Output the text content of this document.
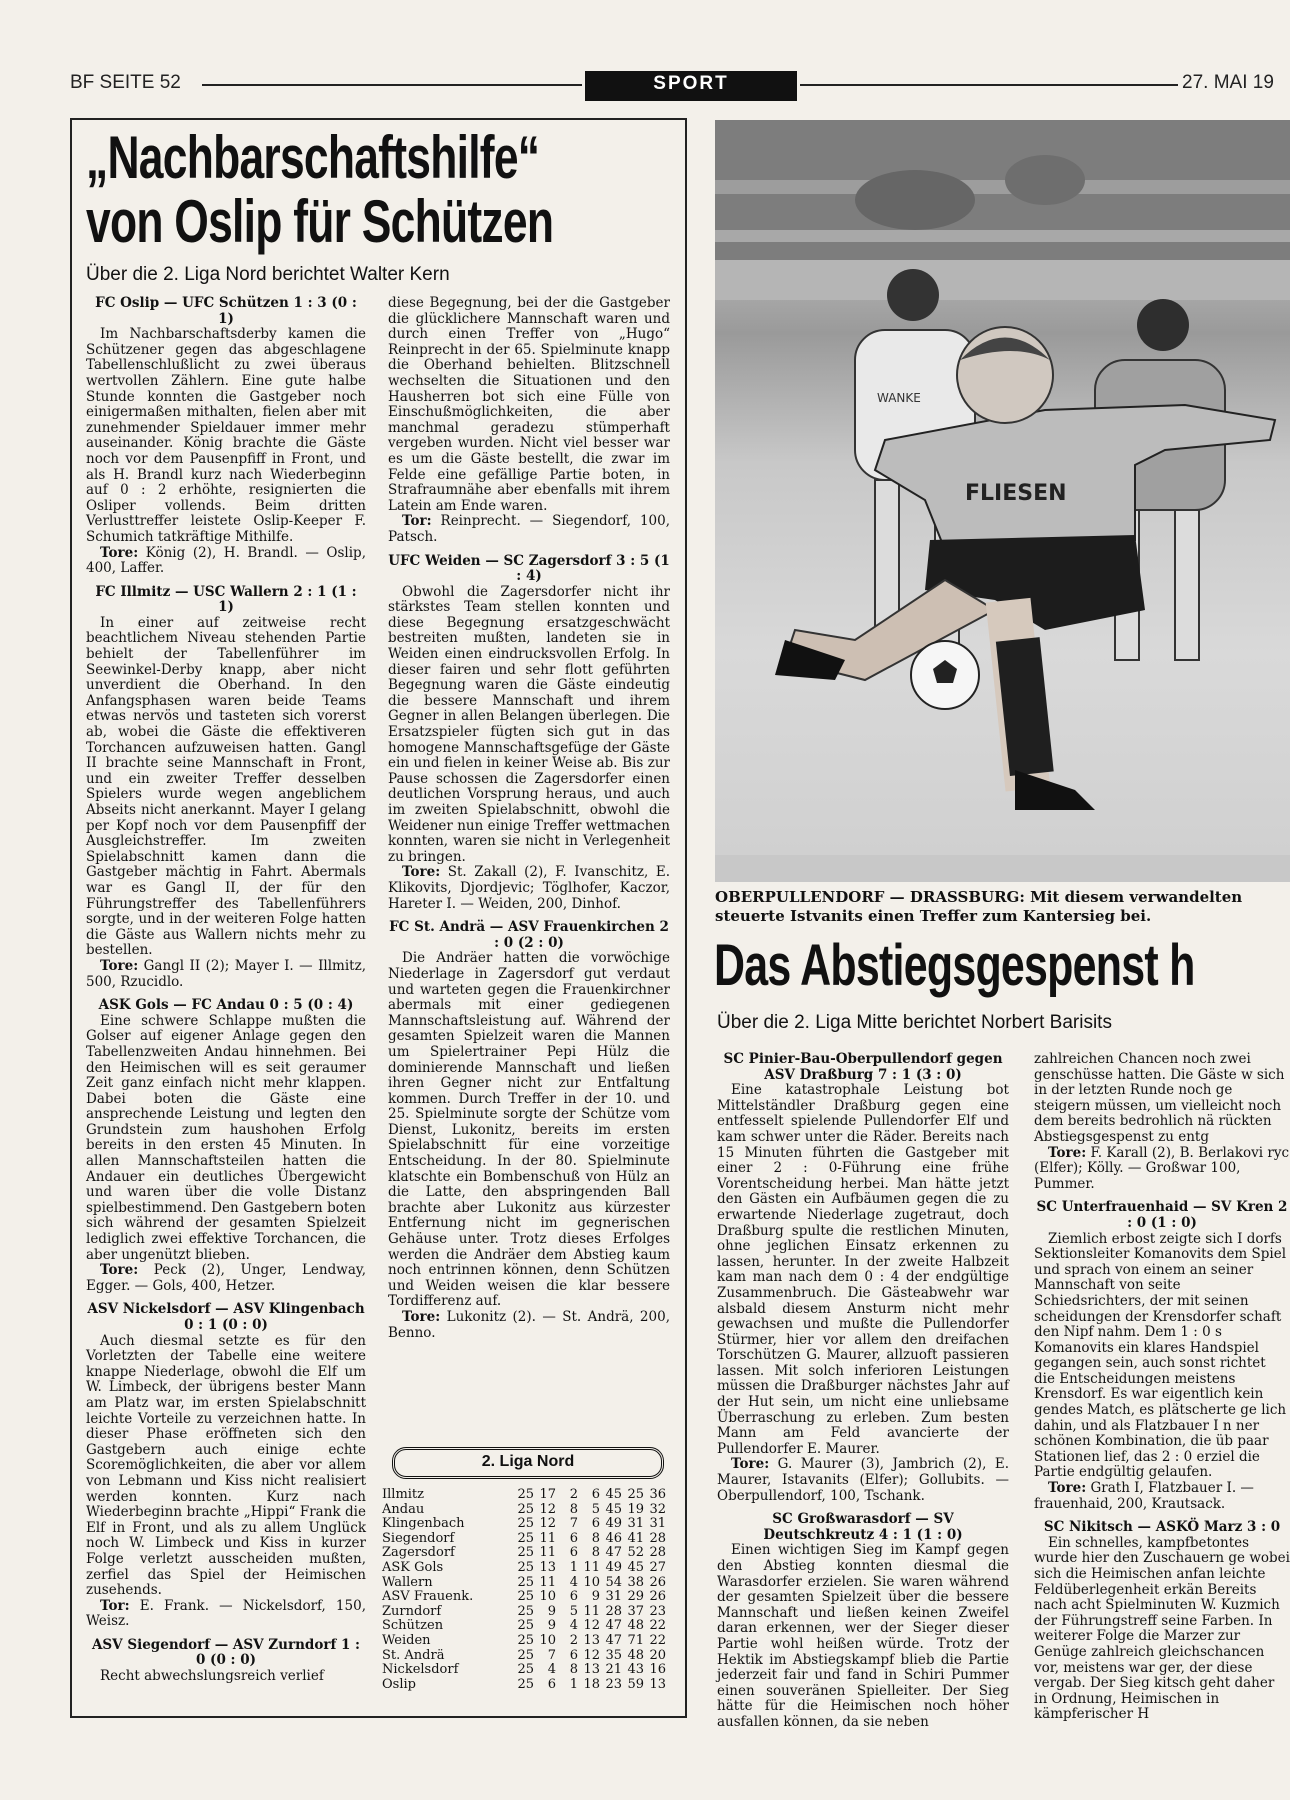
BF SEITE 52	SPORT	27. MAI 19
„Nachbarschaftshilfe“
von Oslip für Schützen
Über die 2. Liga Nord berichtet Walter Kern
FC Oslip — UFC Schützen 1 : 3 (0 : 1)

Im Nachbarschaftsderby kamen die Schützener gegen das abgeschlagene Tabellenschlußlicht zu zwei überaus wertvollen Zählern. Eine gute halbe Stunde konnten die Gastgeber noch einigermaßen mithalten, fielen aber mit zunehmender Spieldauer immer mehr auseinander. König brachte die Gäste noch vor dem Pausenpfiff in Front, und als H. Brandl kurz nach Wiederbeginn auf 0 : 2 erhöhte, resignierten die Osliper vollends. Beim dritten Verlusttreffer leistete Oslip-Keeper F. Schumich tatkräftige Mithilfe.

Tore: König (2), H. Brandl. — Oslip, 400, Laffer.
FC Illmitz — USC Wallern 2 : 1 (1 : 1)

In einer auf zeitweise recht beachtlichem Niveau stehenden Partie behielt der Tabellenführer im Seewinkel-Derby knapp, aber nicht unverdient die Oberhand. In den Anfangsphasen waren beide Teams etwas nervös und tasteten sich vorerst ab, wobei die Gäste die effektiveren Torchancen aufzuweisen hatten. Gangl II brachte seine Mannschaft in Front, und ein zweiter Treffer desselben Spielers wurde wegen angeblichem Abseits nicht anerkannt. Mayer I gelang per Kopf noch vor dem Pausenpfiff der Ausgleichstreffer. Im zweiten Spielabschnitt kamen dann die Gastgeber mächtig in Fahrt. Abermals war es Gangl II, der für den Führungstreffer des Tabellenführers sorgte, und in der weiteren Folge hatten die Gäste aus Wallern nichts mehr zu bestellen.

Tore: Gangl II (2); Mayer I. — Illmitz, 500, Rzucidlo.
ASK Gols — FC Andau 0 : 5 (0 : 4)

Eine schwere Schlappe mußten die Golser auf eigener Anlage gegen den Tabellenzweiten Andau hinnehmen. Bei den Heimischen will es seit geraumer Zeit ganz einfach nicht mehr klappen. Dabei boten die Gäste eine ansprechende Leistung und legten den Grundstein zum haushohen Erfolg bereits in den ersten 45 Minuten. In allen Mannschaftsteilen hatten die Andauer ein deutliches Übergewicht und waren über die volle Distanz spielbestimmend. Den Gastgebern boten sich während der gesamten Spielzeit lediglich zwei effektive Torchancen, die aber ungenützt blieben.

Tore: Peck (2), Unger, Lendway, Egger. — Gols, 400, Hetzer.
ASV Nickelsdorf — ASV Klingenbach 0 : 1 (0 : 0)

Auch diesmal setzte es für den Vorletzten der Tabelle eine weitere knappe Niederlage, obwohl die Elf um W. Limbeck, der übrigens bester Mann am Platz war, im ersten Spielabschnitt leichte Vorteile zu verzeichnen hatte. In dieser Phase eröffneten sich den Gastgebern auch einige echte Scoremöglichkeiten, die aber vor allem von Lebmann und Kiss nicht realisiert werden konnten. Kurz nach Wiederbeginn brachte „Hippi“ Frank die Elf in Front, und als zu allem Unglück noch W. Limbeck und Kiss in kurzer Folge verletzt ausscheiden mußten, zerfiel das Spiel der Heimischen zusehends.

Tor: E. Frank. — Nickelsdorf, 150, Weisz.
ASV Siegendorf — ASV Zurndorf 1 : 0 (0 : 0)

Recht abwechslungsreich verlief

diese Begegnung, bei der die Gastgeber die glücklichere Mannschaft waren und durch einen Treffer von „Hugo“ Reinprecht in der 65. Spielminute knapp die Oberhand behielten. Blitzschnell wechselten die Situationen und den Hausherren bot sich eine Fülle von Einschußmöglichkeiten, die aber manchmal geradezu stümperhaft vergeben wurden. Nicht viel besser war es um die Gäste bestellt, die zwar im Felde eine gefällige Partie boten, in Strafraumnähe aber ebenfalls mit ihrem Latein am Ende waren.

Tor: Reinprecht. — Siegendorf, 100, Patsch.
UFC Weiden — SC Zagersdorf 3 : 5 (1 : 4)

Obwohl die Zagersdorfer nicht ihr stärkstes Team stellen konnten und diese Begegnung ersatzgeschwächt bestreiten mußten, landeten sie in Weiden einen eindrucksvollen Erfolg. In dieser fairen und sehr flott geführten Begegnung waren die Gäste eindeutig die bessere Mannschaft und ihrem Gegner in allen Belangen überlegen. Die Ersatzspieler fügten sich gut in das homogene Mannschaftsgefüge der Gäste ein und fielen in keiner Weise ab. Bis zur Pause schossen die Zagersdorfer einen deutlichen Vorsprung heraus, und auch im zweiten Spielabschnitt, obwohl die Weidener nun einige Treffer wettmachen konnten, waren sie nicht in Verlegenheit zu bringen.

Tore: St. Zakall (2), F. Ivanschitz, E. Klikovits, Djordjevic; Töglhofer, Kaczor, Hareter I. — Weiden, 200, Dinhof.
FC St. Andrä — ASV Frauenkirchen 2 : 0 (2 : 0)

Die Andräer hatten die vorwöchige Niederlage in Zagersdorf gut verdaut und warteten gegen die Frauenkirchner abermals mit einer gediegenen Mannschaftsleistung auf. Während der gesamten Spielzeit waren die Mannen um Spielertrainer Pepi Hülz die dominierende Mannschaft und ließen ihren Gegner nicht zur Entfaltung kommen. Durch Treffer in der 10. und 25. Spielminute sorgte der Schütze vom Dienst, Lukonitz, bereits im ersten Spielabschnitt für eine vorzeitige Entscheidung. In der 80. Spielminute klatschte ein Bombenschuß von Hülz an die Latte, den abspringenden Ball brachte aber Lukonitz aus kürzester Entfernung nicht im gegnerischen Gehäuse unter. Trotz dieses Erfolges werden die Andräer dem Abstieg kaum noch entrinnen können, denn Schützen und Weiden weisen die klar bessere Tordifferenz auf.

Tore: Lukonitz (2). — St. Andrä, 200, Benno.
2. Liga Nord
Illmitz	25	17	2	6	45	25	36
Andau	25	12	8	5	45	19	32
Klingenbach	25	12	7	6	49	31	31
Siegendorf	25	11	6	8	46	41	28
Zagersdorf	25	11	6	8	47	52	28
ASK Gols	25	13	1	11	49	45	27
Wallern	25	11	4	10	54	38	26
ASV Frauenk.	25	10	6	9	31	29	26
Zurndorf	25	9	5	11	28	37	23
Schützen	25	9	4	12	47	48	22
Weiden	25	10	2	13	47	71	22
St. Andrä	25	7	6	12	35	48	20
Nickelsdorf	25	4	8	13	21	43	16
Oslip	25	6	1	18	23	59	13
WANKE
FLIESEN
OBERPULLENDORF — DRASSBURG: Mit diesem verwandelten
steuerte Istvanits einen Treffer zum Kantersieg bei.
Das Abstiegsgespenst h
Über die 2. Liga Mitte berichtet Norbert Barisits
SC Pinier-Bau-Oberpullendorf gegen ASV Draßburg 7 : 1 (3 : 0)

Eine katastrophale Leistung bot Mittelständler Draßburg gegen eine entfesselt spielende Pullendorfer Elf und kam schwer unter die Räder. Bereits nach 15 Minuten führten die Gastgeber mit einer 2 : 0-Führung eine frühe Vorentscheidung herbei. Man hätte jetzt den Gästen ein Aufbäumen gegen die zu erwartende Niederlage zugetraut, doch Draßburg spulte die restlichen Minuten, ohne jeglichen Einsatz erkennen zu lassen, herunter. In der zweite Halbzeit kam man nach dem 0 : 4 der endgültige Zusammenbruch. Die Gästeabwehr war alsbald diesem Ansturm nicht mehr gewachsen und mußte die Pullendorfer Stürmer, hier vor allem den dreifachen Torschützen G. Maurer, allzuoft passieren lassen. Mit solch inferioren Leistungen müssen die Draßburger nächstes Jahr auf der Hut sein, um nicht eine unliebsame Überraschung zu erleben. Zum besten Mann am Feld avancierte der Pullendorfer E. Maurer.

Tore: G. Maurer (3), Jambrich (2), E. Maurer, Istavanits (Elfer); Gollubits. — Oberpullendorf, 100, Tschank.
SC Großwarasdorf — SV Deutschkreutz 4 : 1 (1 : 0)

Einen wichtigen Sieg im Kampf gegen den Abstieg konnten diesmal die Warasdorfer erzielen. Sie waren während der gesamten Spielzeit über die bessere Mannschaft und ließen keinen Zweifel daran erkennen, wer der Sieger dieser Partie wohl heißen würde. Trotz der Hektik im Abstiegskampf blieb die Partie jederzeit fair und fand in Schiri Pummer einen souveränen Spielleiter. Der Sieg hätte für die Heimischen noch höher ausfallen können, da sie neben

zahlreichen Chancen noch zwei genschüsse hatten. Die Gäste w sich in der letzten Runde noch ge steigern müssen, um vielleicht noch dem bereits bedrohlich nä rückten Abstiegsgespenst zu entg

Tore: F. Karall (2), B. Berlakovi ryc (Elfer); Kölly. — Großwar 100, Pummer.
SC Unterfrauenhaid — SV Kren 2 : 0 (1 : 0)

Ziemlich erbost zeigte sich I dorfs Sektionsleiter Komanovits dem Spiel und sprach von einem an seiner Mannschaft von seite Schiedsrichters, der mit seinen scheidungen der Krensdorfer schaft den Nipf nahm. Dem 1 : 0 s Komanovits ein klares Handspiel gegangen sein, auch sonst richtet die Entscheidungen meistens Krensdorf. Es war eigentlich kein gendes Match, es plätscherte ge lich dahin, und als Flatzbauer I n ner schönen Kombination, die üb paar Stationen lief, das 2 : 0 erziel die Partie endgültig gelaufen.

Tore: Grath I, Flatzbauer I. — frauenhaid, 200, Krautsack.
SC Nikitsch — ASKÖ Marz 3 : 0

Ein schnelles, kampfbetontes wurde hier den Zuschauern ge wobei sich die Heimischen anfan leichte Feldüberlegenheit erkän Bereits nach acht Spielminuten W. Kuzmich der Führungstreff seine Farben. In weiterer Folge die Marzer zur Genüge zahlreich gleichschancen vor, meistens war ger, der diese vergab. Der Sieg kitsch geht daher in Ordnung, Heimischen in kämpferischer H
